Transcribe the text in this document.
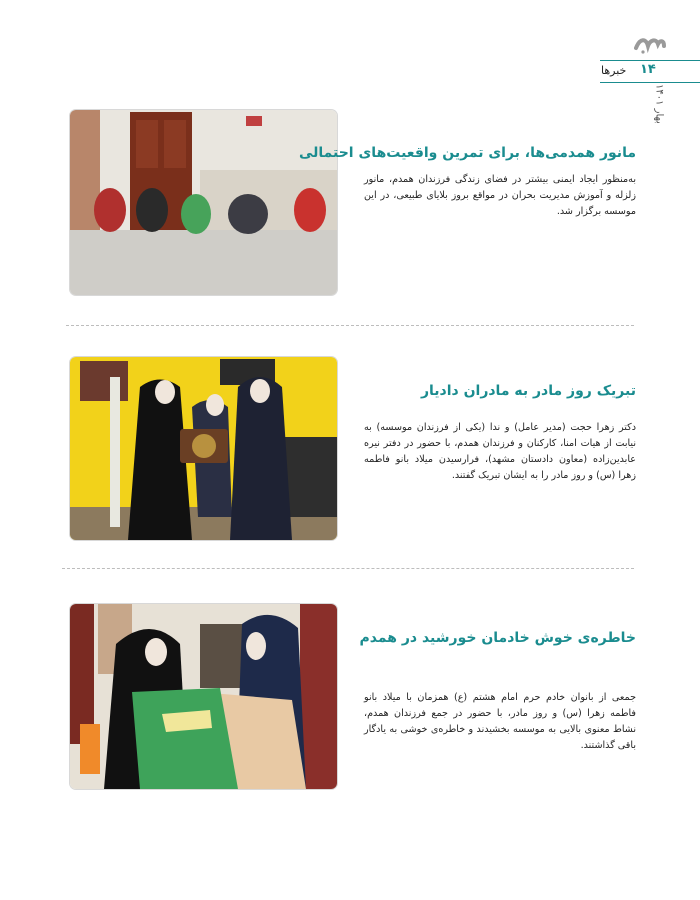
۱۴
خبرها
بهار ۱۴۰۱
مانور همدمی‌ها، برای تمرین واقعیت‌های احتمالی
به‌منظور ایجاد ایمنی بیشتر در فضای زندگی فرزندان همدم، مانور زلزله و آموزش مدیریت بحران در مواقع بروز بلایای طبیعی، در این موسسه برگزار شد.
تبریک روز مادر به مادران دادیار
دکتر زهرا حجت (مدیر عامل) و ندا (یکی از فرزندان موسسه) به نیابت از هیات امنا، کارکنان و فرزندان همدم، با حضور در دفتر نیره عابدین‌زاده (معاون دادستان مشهد)، فرارسیدن میلاد بانو فاطمه زهرا (س) و روز مادر را به ایشان تبریک گفتند.
خاطره‌ی خوش خادمان خورشید در همدم
جمعی از بانوان خادم حرم امام هشتم (ع) همزمان با میلاد بانو فاطمه زهرا (س) و روز مادر، با حضور در جمع فرزندان همدم، نشاط معنوی بالایی به موسسه بخشیدند و خاطره‌ی خوشی به یادگار باقی گذاشتند.
